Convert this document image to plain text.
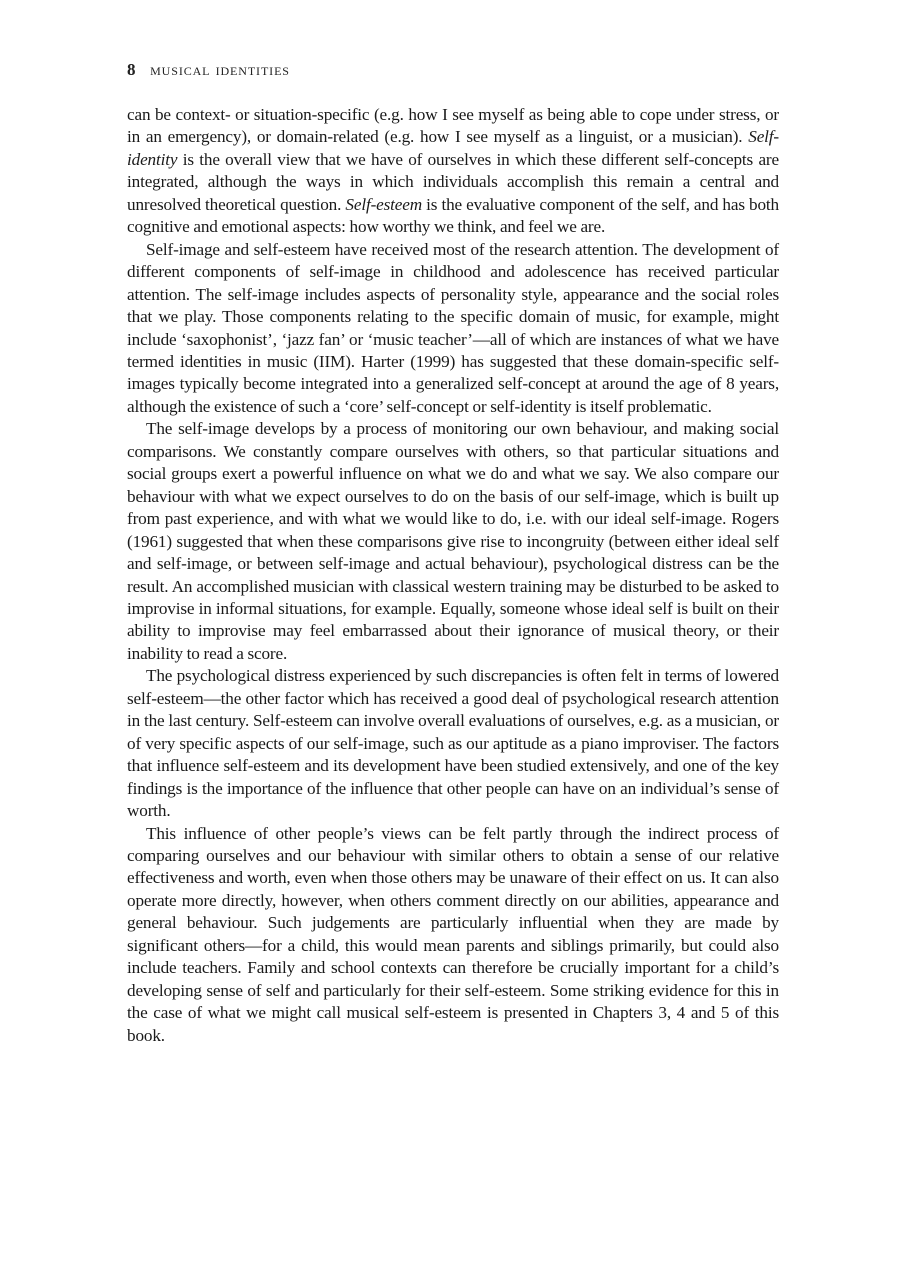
8 musical identities

can be context- or situation-specific (e.g. how I see myself as being able to cope under stress, or in an emergency), or domain-related (e.g. how I see myself as a linguist, or a musician). Self-identity is the overall view that we have of ourselves in which these different self-concepts are integrated, although the ways in which individuals accomplish this remain a central and unresolved theoretical question. Self-esteem is the evaluative component of the self, and has both cognitive and emotional aspects: how worthy we think, and feel we are.

Self-image and self-esteem have received most of the research attention. The development of different components of self-image in childhood and adolescence has received particular attention. The self-image includes aspects of personality style, appearance and the social roles that we play. Those components relating to the specific domain of music, for example, might include ‘saxophonist’, ‘jazz fan’ or ‘music teacher’—all of which are instances of what we have termed identities in music (IIM). Harter (1999) has suggested that these domain-specific self-images typically become integrated into a generalized self-concept at around the age of 8 years, although the existence of such a ‘core’ self-concept or self-identity is itself problematic.

The self-image develops by a process of monitoring our own behaviour, and making social comparisons. We constantly compare ourselves with others, so that particular situations and social groups exert a powerful influence on what we do and what we say. We also compare our behaviour with what we expect ourselves to do on the basis of our self-image, which is built up from past experience, and with what we would like to do, i.e. with our ideal self-image. Rogers (1961) suggested that when these comparisons give rise to incongruity (between either ideal self and self-image, or between self-image and actual behaviour), psychological distress can be the result. An accomplished musician with classical western training may be disturbed to be asked to improvise in informal situations, for example. Equally, someone whose ideal self is built on their ability to improvise may feel embarrassed about their ignorance of musical theory, or their inability to read a score.

The psychological distress experienced by such discrepancies is often felt in terms of lowered self-esteem—the other factor which has received a good deal of psychological research attention in the last century. Self-esteem can involve overall evaluations of ourselves, e.g. as a musician, or of very specific aspects of our self-image, such as our aptitude as a piano improviser. The factors that influence self-esteem and its development have been studied extensively, and one of the key findings is the importance of the influence that other people can have on an individual’s sense of worth.

This influence of other people’s views can be felt partly through the indirect process of comparing ourselves and our behaviour with similar others to obtain a sense of our relative effectiveness and worth, even when those others may be unaware of their effect on us. It can also operate more directly, however, when others comment directly on our abilities, appearance and general behaviour. Such judgements are particularly influential when they are made by significant others—for a child, this would mean parents and siblings primarily, but could also include teachers. Family and school contexts can therefore be crucially important for a child’s developing sense of self and particularly for their self-esteem. Some striking evidence for this in the case of what we might call musical self-esteem is presented in Chapters 3, 4 and 5 of this book.
